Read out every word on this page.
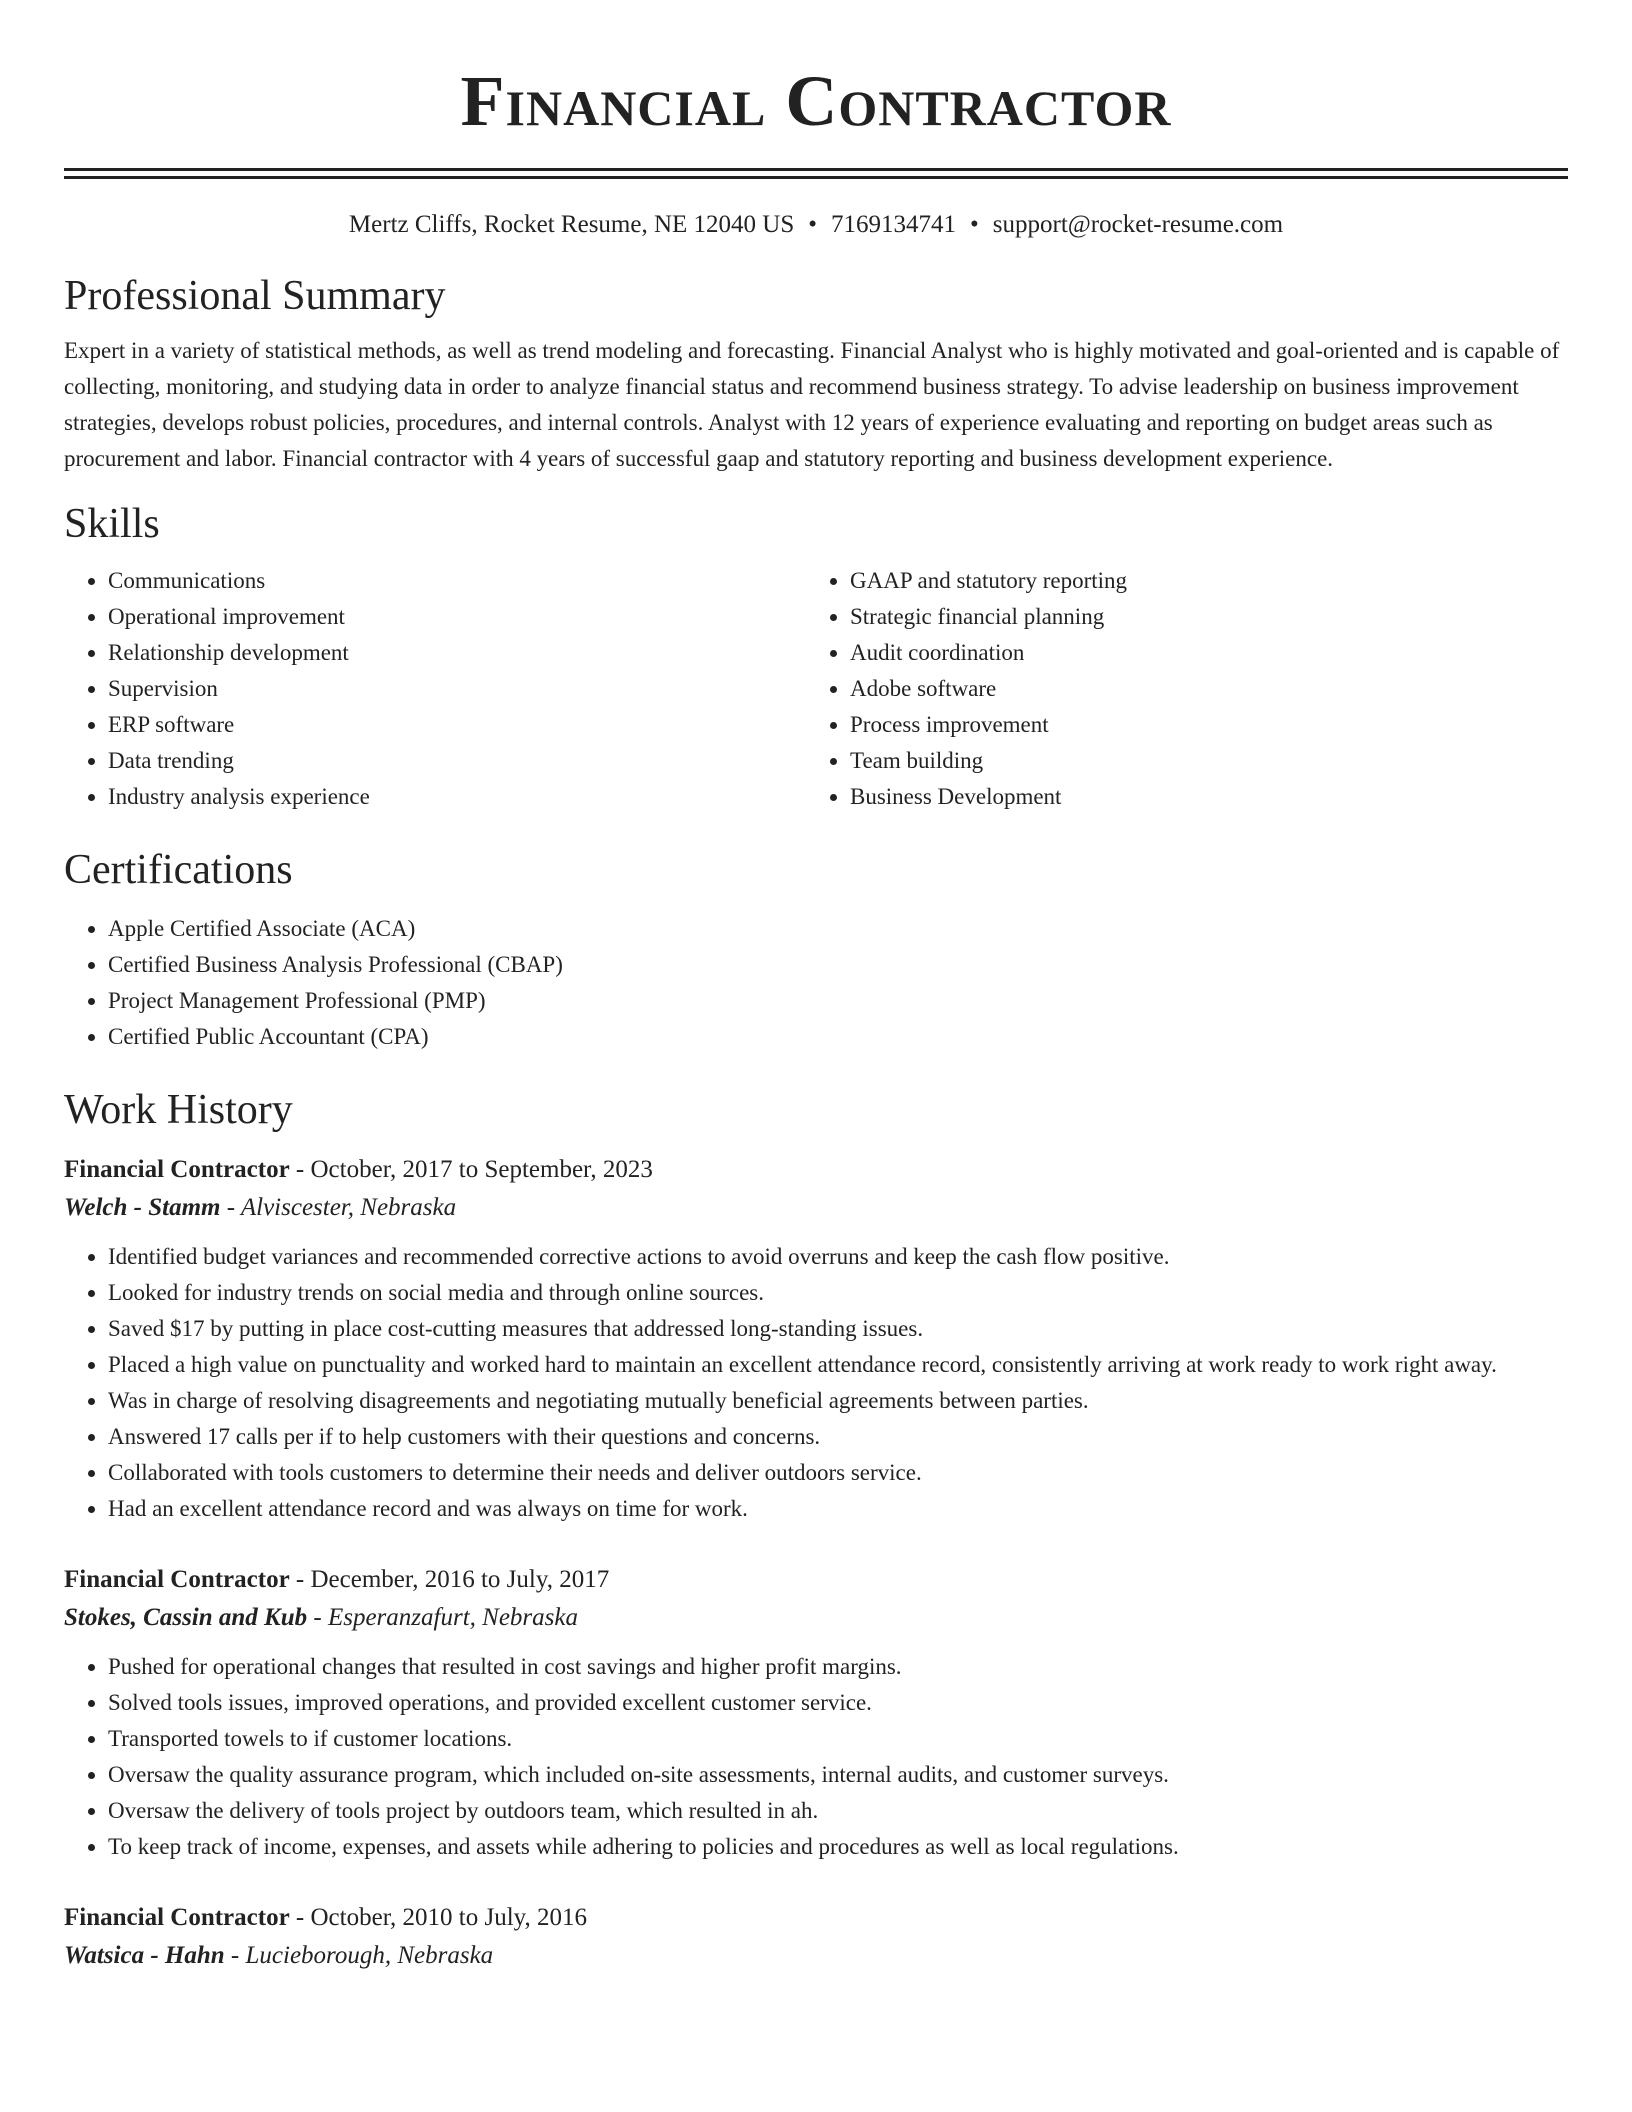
Financial Contractor
Mertz Cliffs, Rocket Resume, NE 12040 US • 7169134741 • support@rocket-resume.com
Professional Summary
Expert in a variety of statistical methods, as well as trend modeling and forecasting. Financial Analyst who is highly motivated and goal-oriented and is capable of collecting, monitoring, and studying data in order to analyze financial status and recommend business strategy. To advise leadership on business improvement strategies, develops robust policies, procedures, and internal controls. Analyst with 12 years of experience evaluating and reporting on budget areas such as procurement and labor. Financial contractor with 4 years of successful gaap and statutory reporting and business development experience.
Skills
• Communications
• Operational improvement
• Relationship development
• Supervision
• ERP software
• Data trending
• Industry analysis experience
• GAAP and statutory reporting
• Strategic financial planning
• Audit coordination
• Adobe software
• Process improvement
• Team building
• Business Development
Certifications
• Apple Certified Associate (ACA)
• Certified Business Analysis Professional (CBAP)
• Project Management Professional (PMP)
• Certified Public Accountant (CPA)
Work History
Financial Contractor - October, 2017 to September, 2023
Welch - Stamm - Alviscester, Nebraska
• Identified budget variances and recommended corrective actions to avoid overruns and keep the cash flow positive.
• Looked for industry trends on social media and through online sources.
• Saved $17 by putting in place cost-cutting measures that addressed long-standing issues.
• Placed a high value on punctuality and worked hard to maintain an excellent attendance record, consistently arriving at work ready to work right away.
• Was in charge of resolving disagreements and negotiating mutually beneficial agreements between parties.
• Answered 17 calls per if to help customers with their questions and concerns.
• Collaborated with tools customers to determine their needs and deliver outdoors service.
• Had an excellent attendance record and was always on time for work.
Financial Contractor - December, 2016 to July, 2017
Stokes, Cassin and Kub - Esperanzafurt, Nebraska
• Pushed for operational changes that resulted in cost savings and higher profit margins.
• Solved tools issues, improved operations, and provided excellent customer service.
• Transported towels to if customer locations.
• Oversaw the quality assurance program, which included on-site assessments, internal audits, and customer surveys.
• Oversaw the delivery of tools project by outdoors team, which resulted in ah.
• To keep track of income, expenses, and assets while adhering to policies and procedures as well as local regulations.
Financial Contractor - October, 2010 to July, 2016
Watsica - Hahn - Lucieborough, Nebraska
